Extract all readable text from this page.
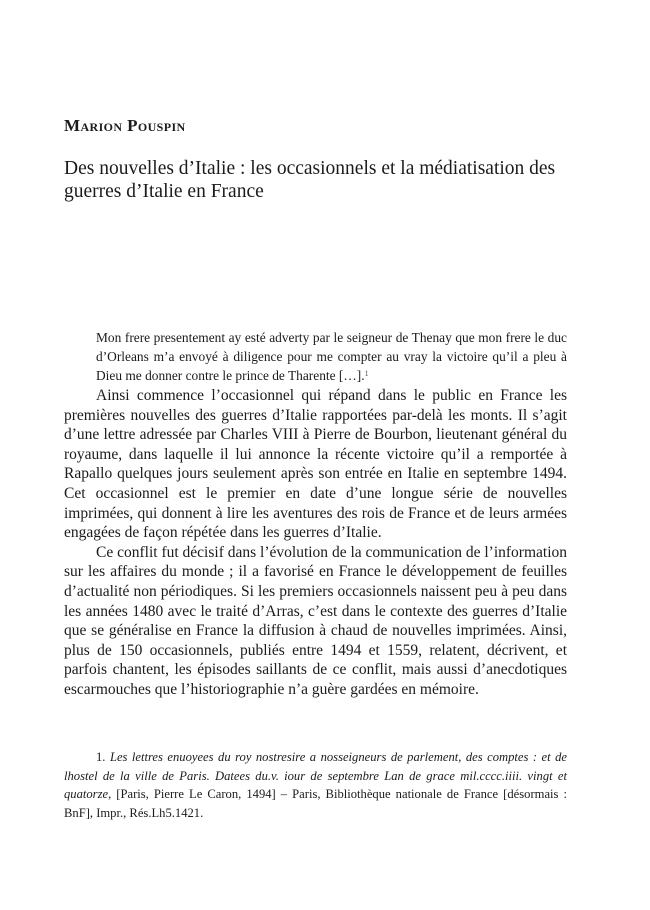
Marion Pouspin
Des nouvelles d’Italie : les occasionnels et la médiatisation des guerres d’Italie en France
Mon frere presentement ay esté adverty par le seigneur de Thenay que mon frere le duc d’Orleans m’a envoyé à diligence pour me compter au vray la victoire qu’il a pleu à Dieu me donner contre le prince de Tharente […].$^1$

Ainsi commence l’occasionnel qui répand dans le public en France les premières nouvelles des guerres d’Italie rapportées par-delà les monts. Il s’agit d’une lettre adressée par Charles VIII à Pierre de Bourbon, lieutenant général du royaume, dans laquelle il lui annonce la récente victoire qu’il a remportée à Rapallo quelques jours seulement après son entrée en Italie en septembre 1494. Cet occasionnel est le premier en date d’une longue série de nouvelles imprimées, qui donnent à lire les aventures des rois de France et de leurs armées engagées de façon répétée dans les guerres d’Italie.

Ce conflit fut décisif dans l’évolution de la communication de l’information sur les affaires du monde ; il a favorisé en France le développement de feuilles d’actualité non périodiques. Si les premiers occasionnels naissent peu à peu dans les années 1480 avec le traité d’Arras, c’est dans le contexte des guerres d’Italie que se généralise en France la diffusion à chaud de nouvelles imprimées. Ainsi, plus de 150 occasionnels, publiés entre 1494 et 1559, relatent, décrivent, et parfois chantent, les épisodes saillants de ce conflit, mais aussi d’anecdotiques escarmouches que l’historiographie n’a guère gardées en mémoire.

1. Les lettres enuoyees du roy nostresire a nosseigneurs de parlement, des comptes : et de lhostel de la ville de Paris. Datees du.v. iour de septembre Lan de grace mil.cccc.iiii. vingt et quatorze, [Paris, Pierre Le Caron, 1494] – Paris, Bibliothèque nationale de France [désormais : BnF], Impr., Rés.Lh5.1421.
